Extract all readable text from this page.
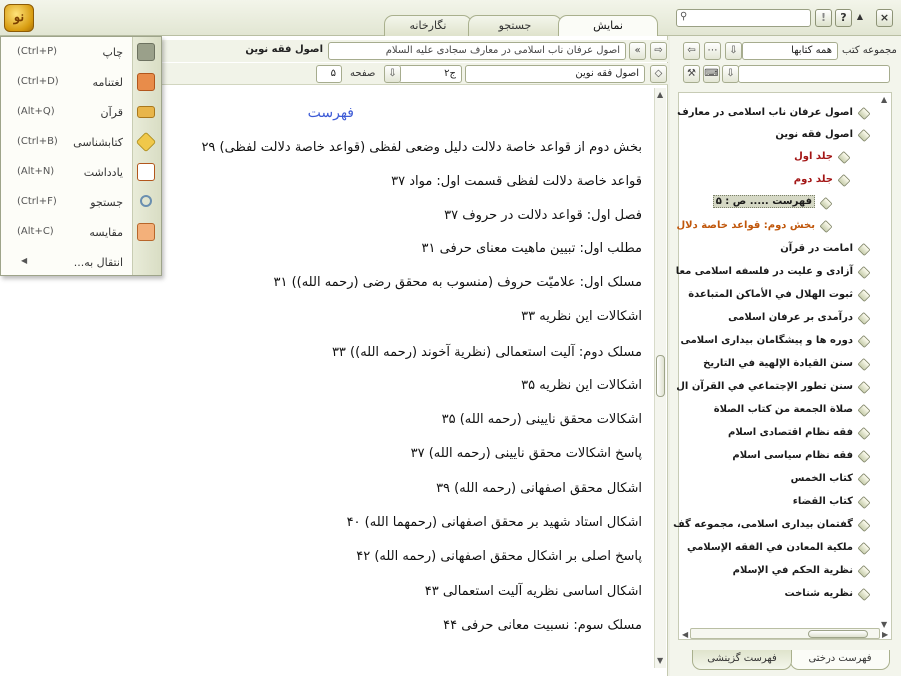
نو
نگارخانه	جستجو	نمایش
⚲	!	?	▲	×
⇨
«
اصول عرفان ناب اسلامی در معارف سجادی علیه السلام
اصول فقه نوین
◇
اصول فقه نوین
ج۲
⇩
صفحه
۵
▲
▼
فهرست
بخش دوم از قواعد خاصة دلالت دلیل وضعی لفظی (قواعد خاصة دلالت لفظی) ۲۹
قواعد خاصة دلالت لفظی قسمت اول: مواد ۳۷
فصل اول: قواعد دلالت در حروف ۳۷
مطلب اول: تبیین ماهیت معنای حرفی ۳۱
مسلک اول: علامیّت حروف (منسوب به محقق رضی (رحمه الله)) ۳۱
اشکالات این نظریه ۳۳
مسلک دوم: آلیت استعمالی (نظریة آخوند (رحمه الله)) ۳۳
اشکالات این نظریه ۳۵
اشکالات محقق نایینی (رحمه الله) ۳۵
پاسخ اشکالات محقق نایینی (رحمه الله) ۳۷
اشکال محقق اصفهانی (رحمه الله) ۳۹
اشکال استاد شهید بر محقق اصفهانی (رحمهما الله) ۴۰
پاسخ اصلی بر اشکال محقق اصفهانی (رحمه الله) ۴۲
اشکال اساسی نظریه آلیت استعمالی ۴۳
مسلک سوم: نسبیت معانی حرفی ۴۴
(Ctrl+P)	چاپ
(Ctrl+D)	لغتنامه
(Alt+Q)	قرآن
(Ctrl+B) کتابشناسی
(Alt+N)	یادداشت
(Ctrl+F)	جستجو
(Alt+C)	مقایسه
◀	انتقال به...
مجموعه کتب
همه کتابها
⇩
⋯
⇦
⇩
⌨
⚒
▲
▼
اصول عرفان ناب اسلامی در معارف
اصول فقه نوین
جلد اول
جلد دوم
فهرست ..... ص : ۵
بخش دوم: قواعد خاصة دلال
امامت در قرآن
آزادی و علیت در فلسفه اسلامی معا
ثبوت الهلال في الأماكن المتباعدة
درآمدی بر عرفان اسلامی
دوره ها و پیشگامان بیداری اسلامی
سنن القيادة الإلهية في التاريخ
سنن تطور الإجتماعي في القرآن ال
صلاة الجمعة من كتاب الصلاة
فقه نظام اقتصادی اسلام
فقه نظام سیاسی اسلام
كتاب الخمس
كتاب القضاء
گفتمان بیداری اسلامی، مجموعه گف
ملكية المعادن في الفقه الإسلامي
نظرية الحكم في الإسلام
نظریه شناخت
◀	▶
فهرست درختی
فهرست گزینشی
